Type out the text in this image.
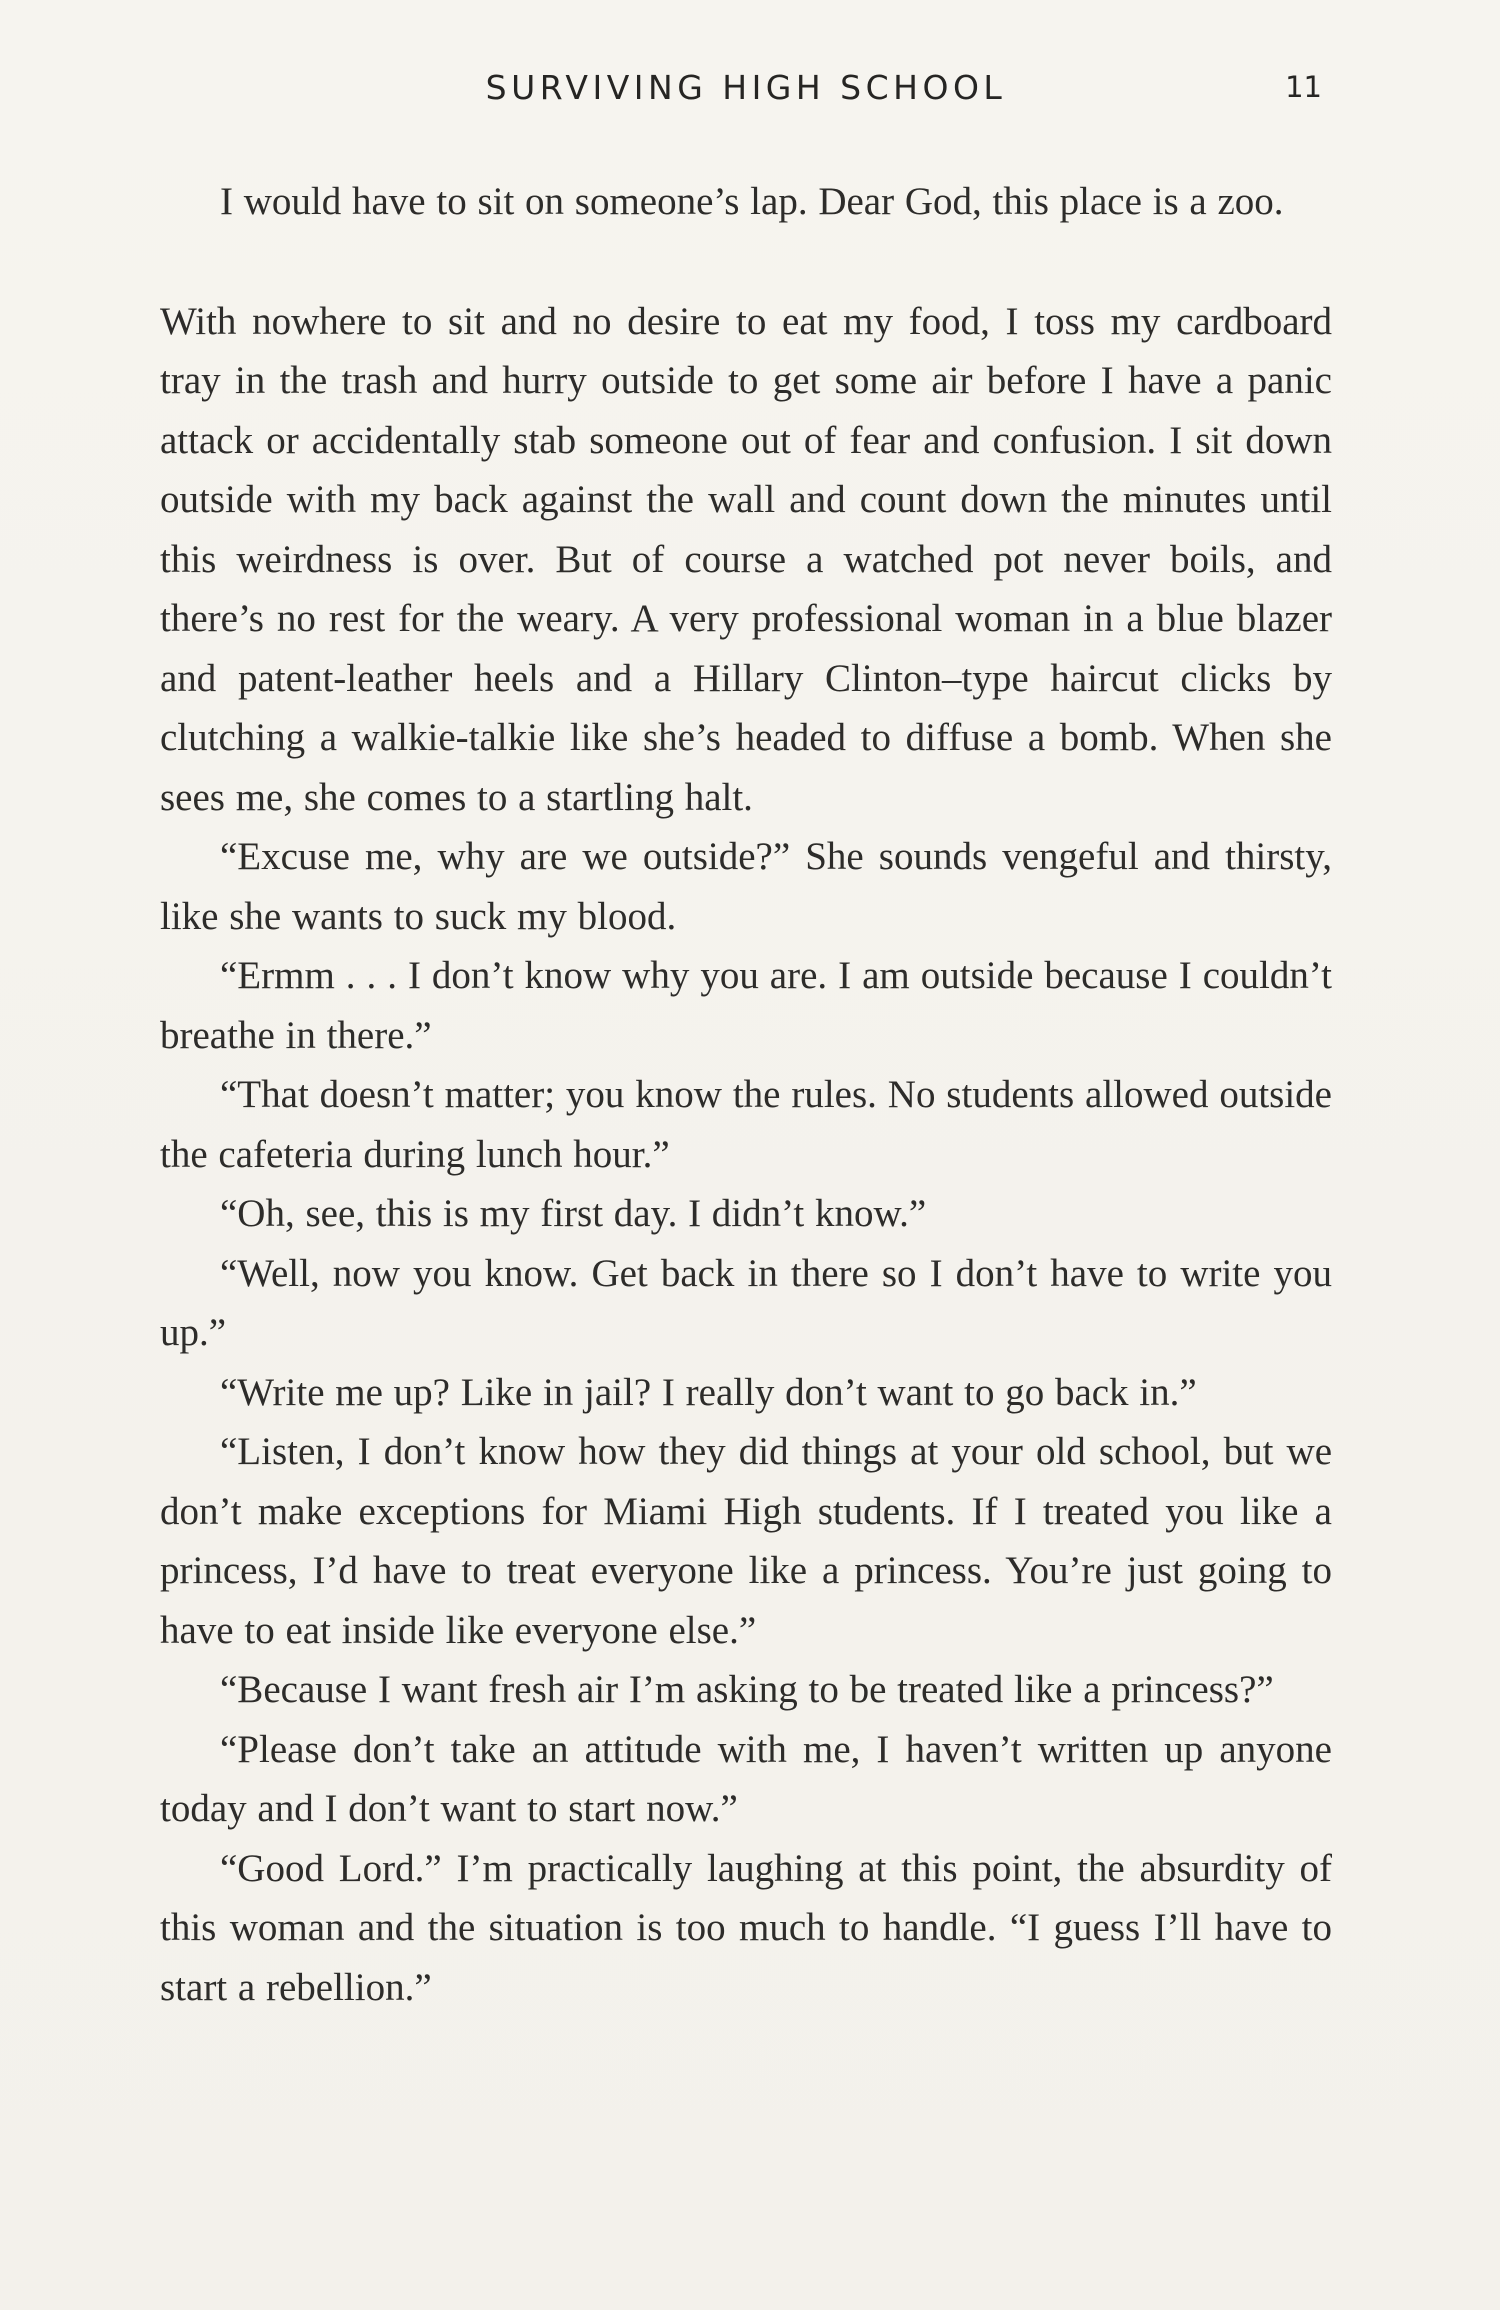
SURVIVING HIGH SCHOOL	11

I would have to sit on someone’s lap. Dear God, this place is a zoo.

With nowhere to sit and no desire to eat my food, I toss my cardboard tray in the trash and hurry outside to get some air before I have a panic attack or accidentally stab someone out of fear and confusion. I sit down outside with my back against the wall and count down the minutes until this weirdness is over. But of course a watched pot never boils, and there’s no rest for the weary. A very professional woman in a blue blazer and patent-leather heels and a Hillary Clinton–type haircut clicks by clutching a walkie-talkie like she’s headed to diffuse a bomb. When she sees me, she comes to a startling halt.

“Excuse me, why are we outside?” She sounds vengeful and thirsty, like she wants to suck my blood.

“Ermm . . . I don’t know why you are. I am outside because I couldn’t breathe in there.”

“That doesn’t matter; you know the rules. No students allowed outside the cafeteria during lunch hour.”

“Oh, see, this is my first day. I didn’t know.”

“Well, now you know. Get back in there so I don’t have to write you up.”

“Write me up? Like in jail? I really don’t want to go back in.”

“Listen, I don’t know how they did things at your old school, but we don’t make exceptions for Miami High students. If I treated you like a princess, I’d have to treat everyone like a princess. You’re just going to have to eat inside like everyone else.”

“Because I want fresh air I’m asking to be treated like a princess?”

“Please don’t take an attitude with me, I haven’t written up anyone today and I don’t want to start now.”

“Good Lord.” I’m practically laughing at this point, the absurdity of this woman and the situation is too much to handle. “I guess I’ll have to start a rebellion.”
